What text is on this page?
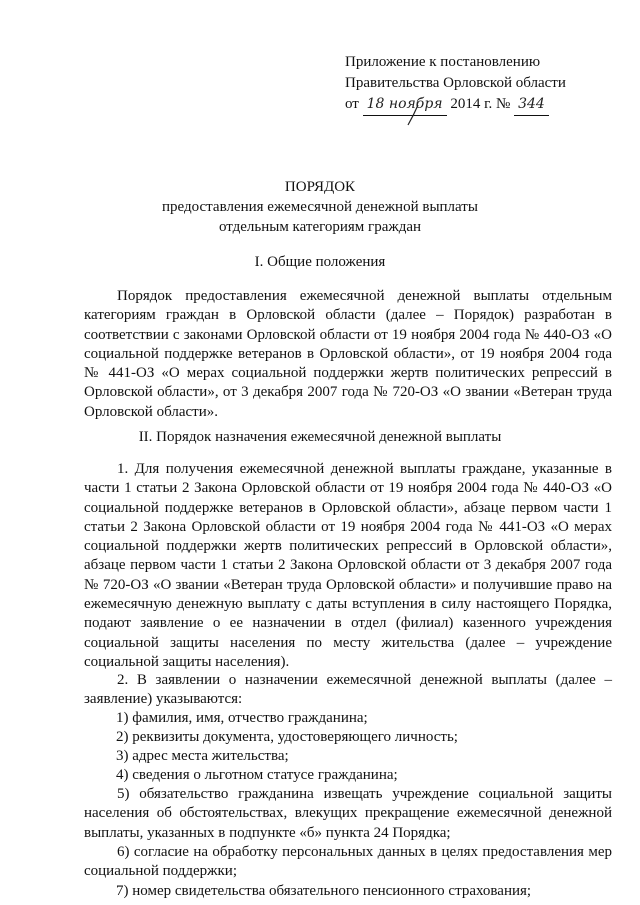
Приложение к постановлению
Правительства Орловской области
от 18 ноября 2014 г. № 344
ПОРЯДОК
предоставления ежемесячной денежной выплаты
отдельным категориям граждан
I. Общие положения
Порядок предоставления ежемесячной денежной выплаты отдельным категориям граждан в Орловской области (далее – Порядок) разработан в соответствии с законами Орловской области от 19 ноября 2004 года № 440-ОЗ «О социальной поддержке ветеранов в Орловской области», от 19 ноября 2004 года № 441-ОЗ «О мерах социальной поддержки жертв политических репрессий в Орловской области», от 3 декабря 2007 года № 720-ОЗ «О звании «Ветеран труда Орловской области».
II. Порядок назначения ежемесячной денежной выплаты
1. Для получения ежемесячной денежной выплаты граждане, указанные в части 1 статьи 2 Закона Орловской области от 19 ноября 2004 года № 440-ОЗ «О социальной поддержке ветеранов в Орловской области», абзаце первом части 1 статьи 2 Закона Орловской области от 19 ноября 2004 года № 441-ОЗ «О мерах социальной поддержки жертв политических репрессий в Орловской области», абзаце первом части 1 статьи 2 Закона Орловской области от 3 декабря 2007 года № 720-ОЗ «О звании «Ветеран труда Орловской области» и получившие право на ежемесячную денежную выплату с даты вступления в силу настоящего Порядка, подают заявление о ее назначении в отдел (филиал) казенного учреждения социальной защиты населения по месту жительства (далее – учреждение социальной защиты населения).
2. В заявлении о назначении ежемесячной денежной выплаты (далее – заявление) указываются:
1) фамилия, имя, отчество гражданина;
2) реквизиты документа, удостоверяющего личность;
3) адрес места жительства;
4) сведения о льготном статусе гражданина;
5) обязательство гражданина извещать учреждение социальной защиты населения об обстоятельствах, влекущих прекращение ежемесячной денежной выплаты, указанных в подпункте «б» пункта 24 Порядка;
6) согласие на обработку персональных данных в целях предоставления мер социальной поддержки;
7) номер свидетельства обязательного пенсионного страхования;
